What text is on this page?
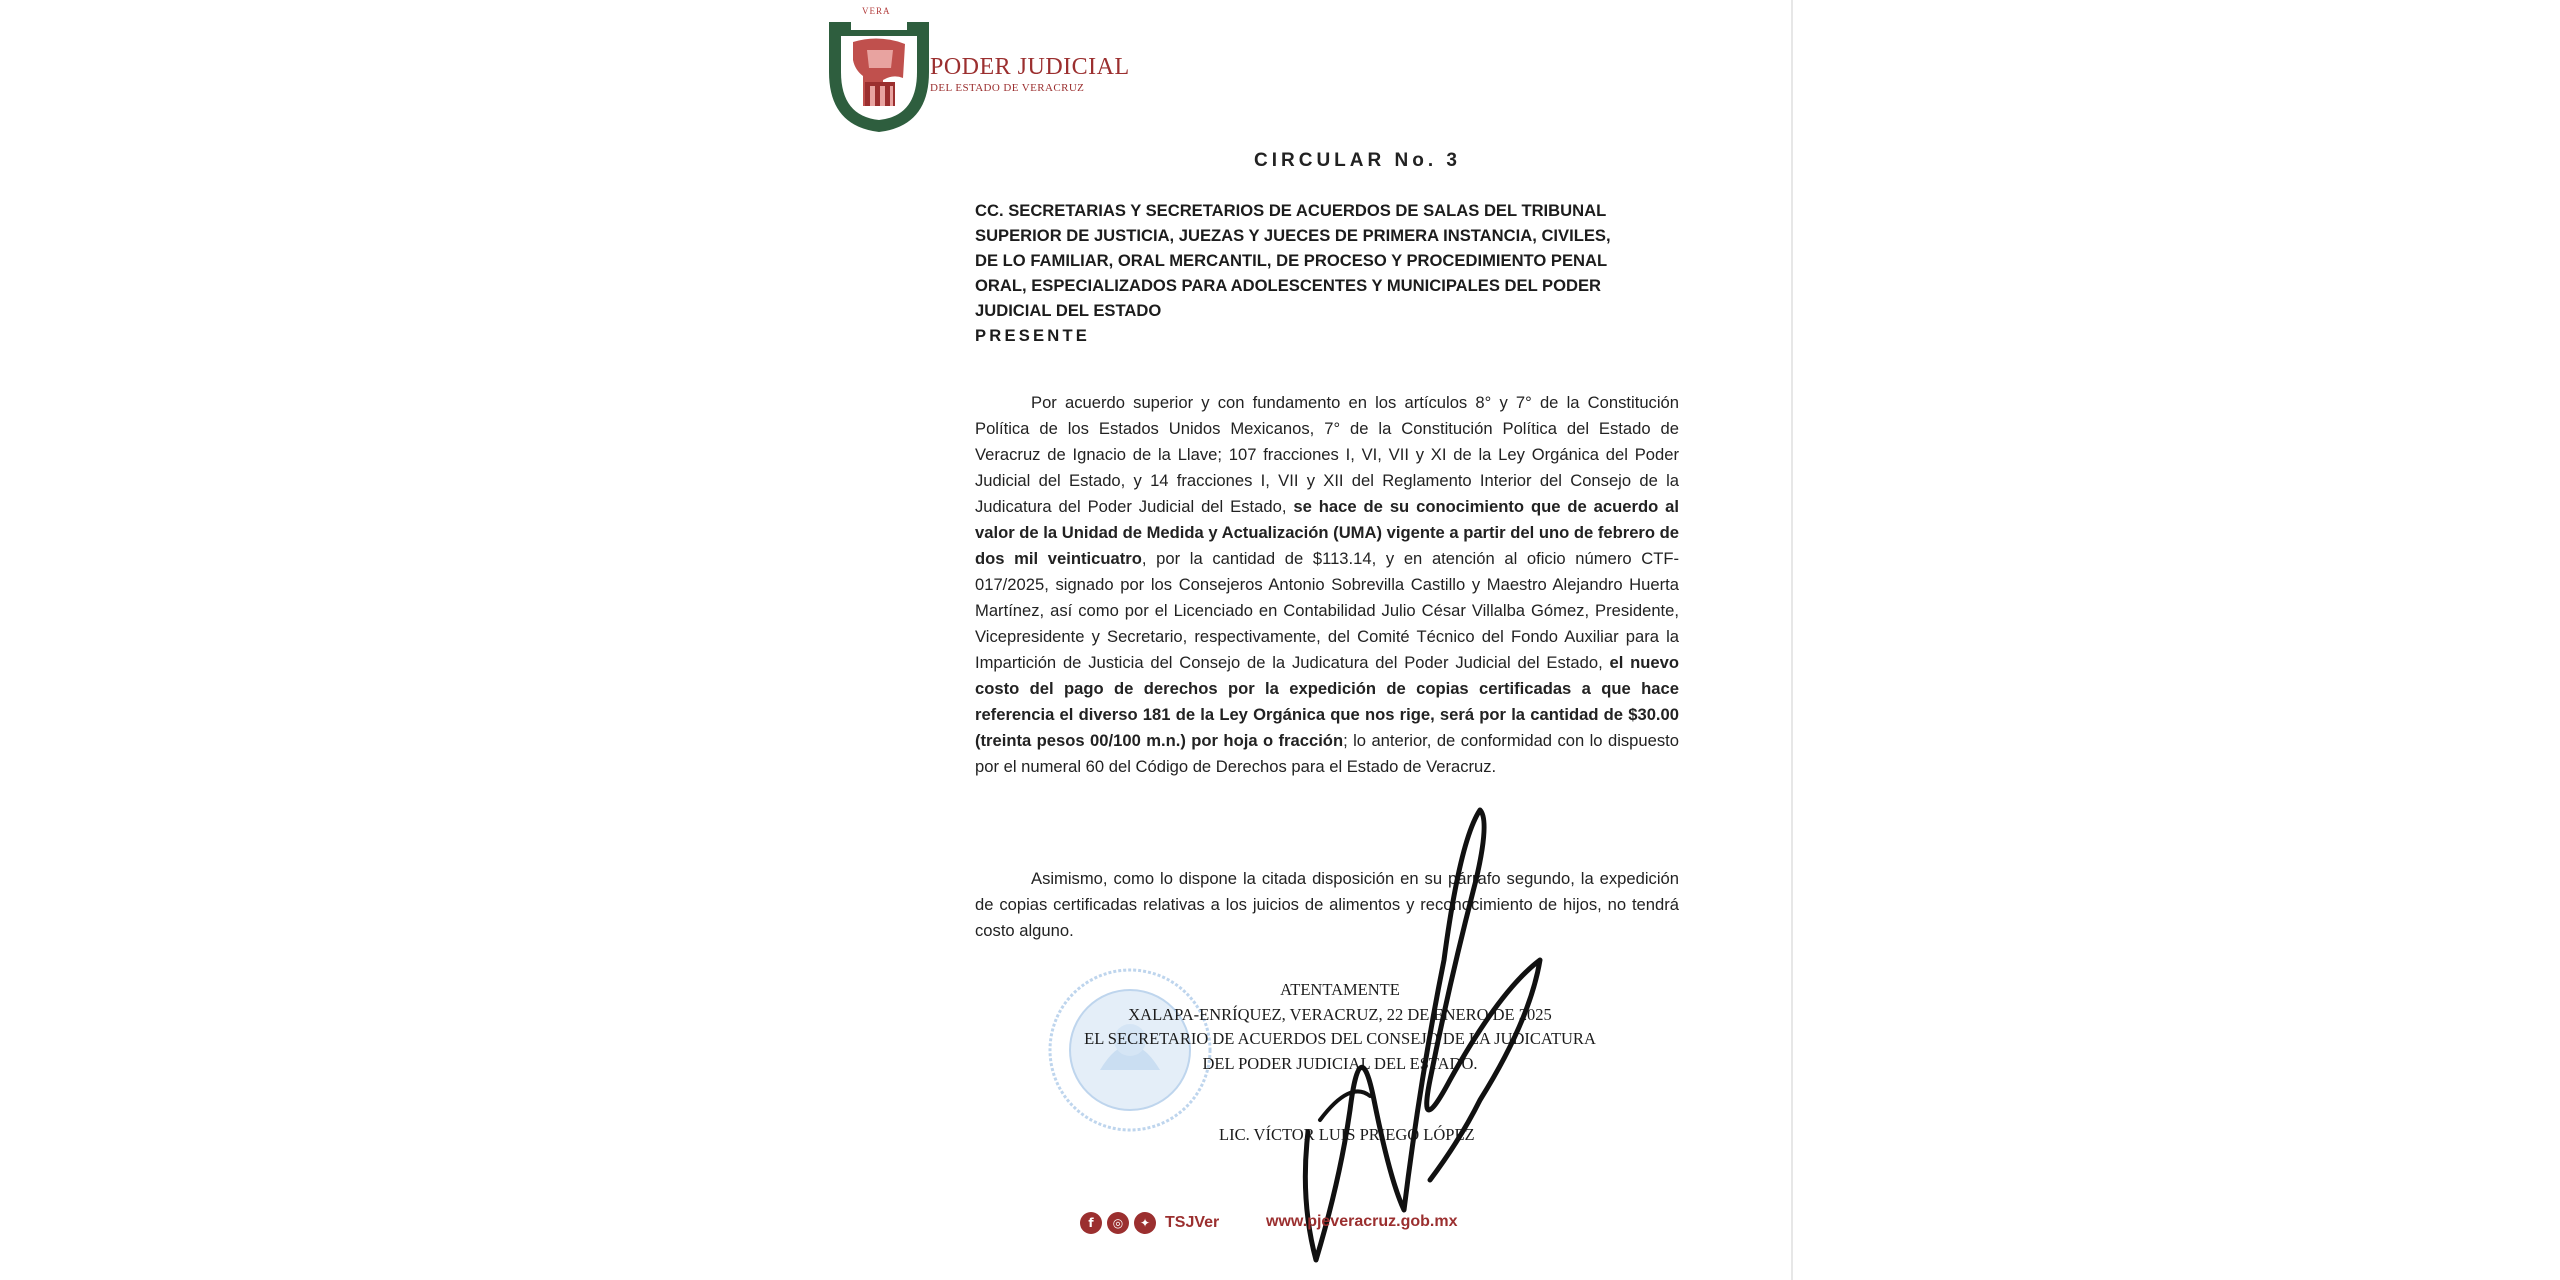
VERA
PODER JUDICIAL
DEL ESTADO DE VERACRUZ
CIRCULAR No. 3
CC. SECRETARIAS Y SECRETARIOS DE ACUERDOS DE SALAS DEL TRIBUNAL
SUPERIOR DE JUSTICIA, JUEZAS Y JUECES DE PRIMERA INSTANCIA, CIVILES,
DE LO FAMILIAR, ORAL MERCANTIL, DE PROCESO Y PROCEDIMIENTO PENAL
ORAL, ESPECIALIZADOS PARA ADOLESCENTES Y MUNICIPALES DEL PODER
JUDICIAL DEL ESTADO
PRESENTE
Por acuerdo superior y con fundamento en los artículos 8° y 7° de la Constitución Política de los Estados Unidos Mexicanos, 7° de la Constitución Política del Estado de Veracruz de Ignacio de la Llave; 107 fracciones I, VI, VII y XI de la Ley Orgánica del Poder Judicial del Estado, y 14 fracciones I, VII y XII del Reglamento Interior del Consejo de la Judicatura del Poder Judicial del Estado, se hace de su conocimiento que de acuerdo al valor de la Unidad de Medida y Actualización (UMA) vigente a partir del uno de febrero de dos mil veinticuatro, por la cantidad de $113.14, y en atención al oficio número CTF-017/2025, signado por los Consejeros Antonio Sobrevilla Castillo y Maestro Alejandro Huerta Martínez, así como por el Licenciado en Contabilidad Julio César Villalba Gómez, Presidente, Vicepresidente y Secretario, respectivamente, del Comité Técnico del Fondo Auxiliar para la Impartición de Justicia del Consejo de la Judicatura del Poder Judicial del Estado, el nuevo costo del pago de derechos por la expedición de copias certificadas a que hace referencia el diverso 181 de la Ley Orgánica que nos rige, será por la cantidad de $30.00 (treinta pesos 00/100 m.n.) por hoja o fracción; lo anterior, de conformidad con lo dispuesto por el numeral 60 del Código de Derechos para el Estado de Veracruz.
Asimismo, como lo dispone la citada disposición en su párrafo segundo, la expedición de copias certificadas relativas a los juicios de alimentos y reconocimiento de hijos, no tendrá costo alguno.
ATENTAMENTE
XALAPA-ENRÍQUEZ, VERACRUZ, 22 DE ENERO DE 2025
EL SECRETARIO DE ACUERDOS DEL CONSEJO DE LA JUDICATURA
DEL PODER JUDICIAL DEL ESTADO.
LIC. VÍCTOR LUIS PRIEGO LÓPEZ
f	◎	✦ TSJVer	www.pjeveracruz.gob.mx
